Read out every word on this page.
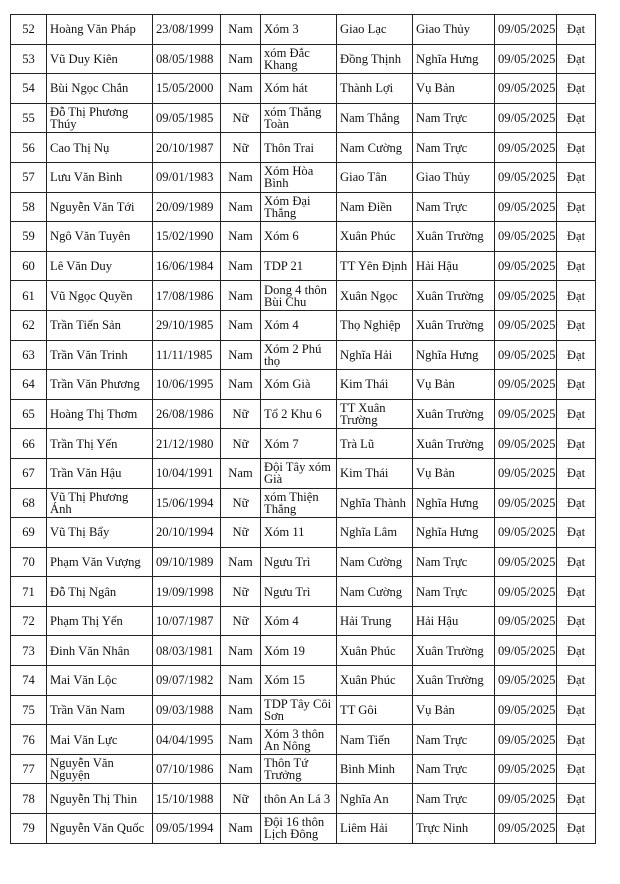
52	Hoàng Văn Pháp	23/08/1999	Nam	Xóm 3	Giao Lạc	Giao Thủy	09/05/2025	Đạt
53	Vũ Duy Kiên	08/05/1988	Nam	xóm Đắc Khang	Đồng Thịnh	Nghĩa Hưng	09/05/2025	Đạt
54	Bùi Ngọc Chắn	15/05/2000	Nam	Xóm hát	Thành Lợi	Vụ Bản	09/05/2025	Đạt
55	Đỗ Thị Phương Thúy	09/05/1985	Nữ	xóm Thắng Toàn	Nam Thắng	Nam Trực	09/05/2025	Đạt
56	Cao Thị Nụ	20/10/1987	Nữ	Thôn Trai	Nam Cường	Nam Trực	09/05/2025	Đạt
57	Lưu Văn Bình	09/01/1983	Nam	Xóm Hòa Bình	Giao Tân	Giao Thủy	09/05/2025	Đạt
58	Nguyễn Văn Tới	20/09/1989	Nam	Xóm Đại Thắng	Nam Điền	Nam Trực	09/05/2025	Đạt
59	Ngô Văn Tuyên	15/02/1990	Nam	Xóm 6	Xuân Phúc	Xuân Trường	09/05/2025	Đạt
60	Lê Văn Duy	16/06/1984	Nam	TDP 21	TT Yên Định	Hải Hậu	09/05/2025	Đạt
61	Vũ Ngọc Quyền	17/08/1986	Nam	Dong 4 thôn Bùi Chu	Xuân Ngọc	Xuân Trường	09/05/2025	Đạt
62	Trần Tiến Sản	29/10/1985	Nam	Xóm 4	Thọ Nghiệp	Xuân Trường	09/05/2025	Đạt
63	Trần Văn Trinh	11/11/1985	Nam	Xóm 2 Phú thọ	Nghĩa Hải	Nghĩa Hưng	09/05/2025	Đạt
64	Trần Văn Phương	10/06/1995	Nam	Xóm Già	Kim Thái	Vụ Bản	09/05/2025	Đạt
65	Hoàng Thị Thơm	26/08/1986	Nữ	Tổ 2 Khu 6	TT Xuân Trường	Xuân Trường	09/05/2025	Đạt
66	Trần Thị Yến	21/12/1980	Nữ	Xóm 7	Trà Lũ	Xuân Trường	09/05/2025	Đạt
67	Trần Văn Hậu	10/04/1991	Nam	Đội Tây xóm Già	Kim Thái	Vụ Bản	09/05/2025	Đạt
68	Vũ Thị Phương Ánh	15/06/1994	Nữ	xóm Thiện Thắng	Nghĩa Thành	Nghĩa Hưng	09/05/2025	Đạt
69	Vũ Thị Bẩy	20/10/1994	Nữ	Xóm 11	Nghĩa Lâm	Nghĩa Hưng	09/05/2025	Đạt
70	Phạm Văn Vượng	09/10/1989	Nam	Ngưu Trì	Nam Cường	Nam Trực	09/05/2025	Đạt
71	Đỗ Thị Ngân	19/09/1998	Nữ	Ngưu Trì	Nam Cường	Nam Trực	09/05/2025	Đạt
72	Phạm Thị Yến	10/07/1987	Nữ	Xóm 4	Hải Trung	Hải Hậu	09/05/2025	Đạt
73	Đinh Văn Nhân	08/03/1981	Nam	Xóm 19	Xuân Phúc	Xuân Trường	09/05/2025	Đạt
74	Mai Văn Lộc	09/07/1982	Nam	Xóm 15	Xuân Phúc	Xuân Trường	09/05/2025	Đạt
75	Trần Văn Nam	09/03/1988	Nam	TDP Tây Côi Sơn	TT Gôi	Vụ Bản	09/05/2025	Đạt
76	Mai Văn Lực	04/04/1995	Nam	Xóm 3 thôn An Nông	Nam Tiến	Nam Trực	09/05/2025	Đạt
77	Nguyễn Văn Nguyện	07/10/1986	Nam	Thôn Tứ Trưởng	Bình Minh	Nam Trực	09/05/2025	Đạt
78	Nguyễn Thị Thin	15/10/1988	Nữ	thôn An Lá 3	Nghĩa An	Nam Trực	09/05/2025	Đạt
79	Nguyễn Văn Quốc	09/05/1994	Nam	Đội 16 thôn Lịch Đông	Liêm Hải	Trực Ninh	09/05/2025	Đạt
